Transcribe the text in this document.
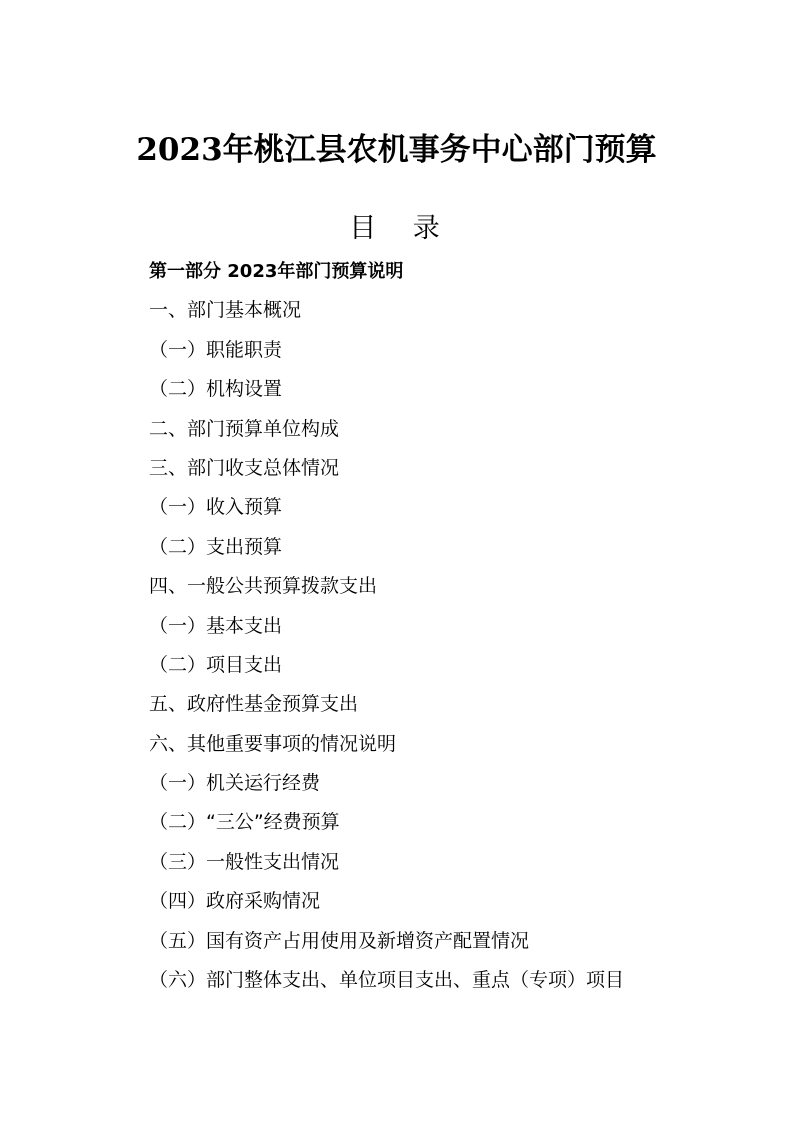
2023年桃江县农机事务中心部门预算
目 录
第一部分 2023年部门预算说明
一、部门基本概况
（一）职能职责
（二）机构设置
二、部门预算单位构成
三、部门收支总体情况
（一）收入预算
（二）支出预算
四、一般公共预算拨款支出
（一）基本支出
（二）项目支出
五、政府性基金预算支出
六、其他重要事项的情况说明
（一）机关运行经费
（二）“三公”经费预算
（三）一般性支出情况
（四）政府采购情况
（五）国有资产占用使用及新增资产配置情况
（六）部门整体支出、单位项目支出、重点（专项）项目
